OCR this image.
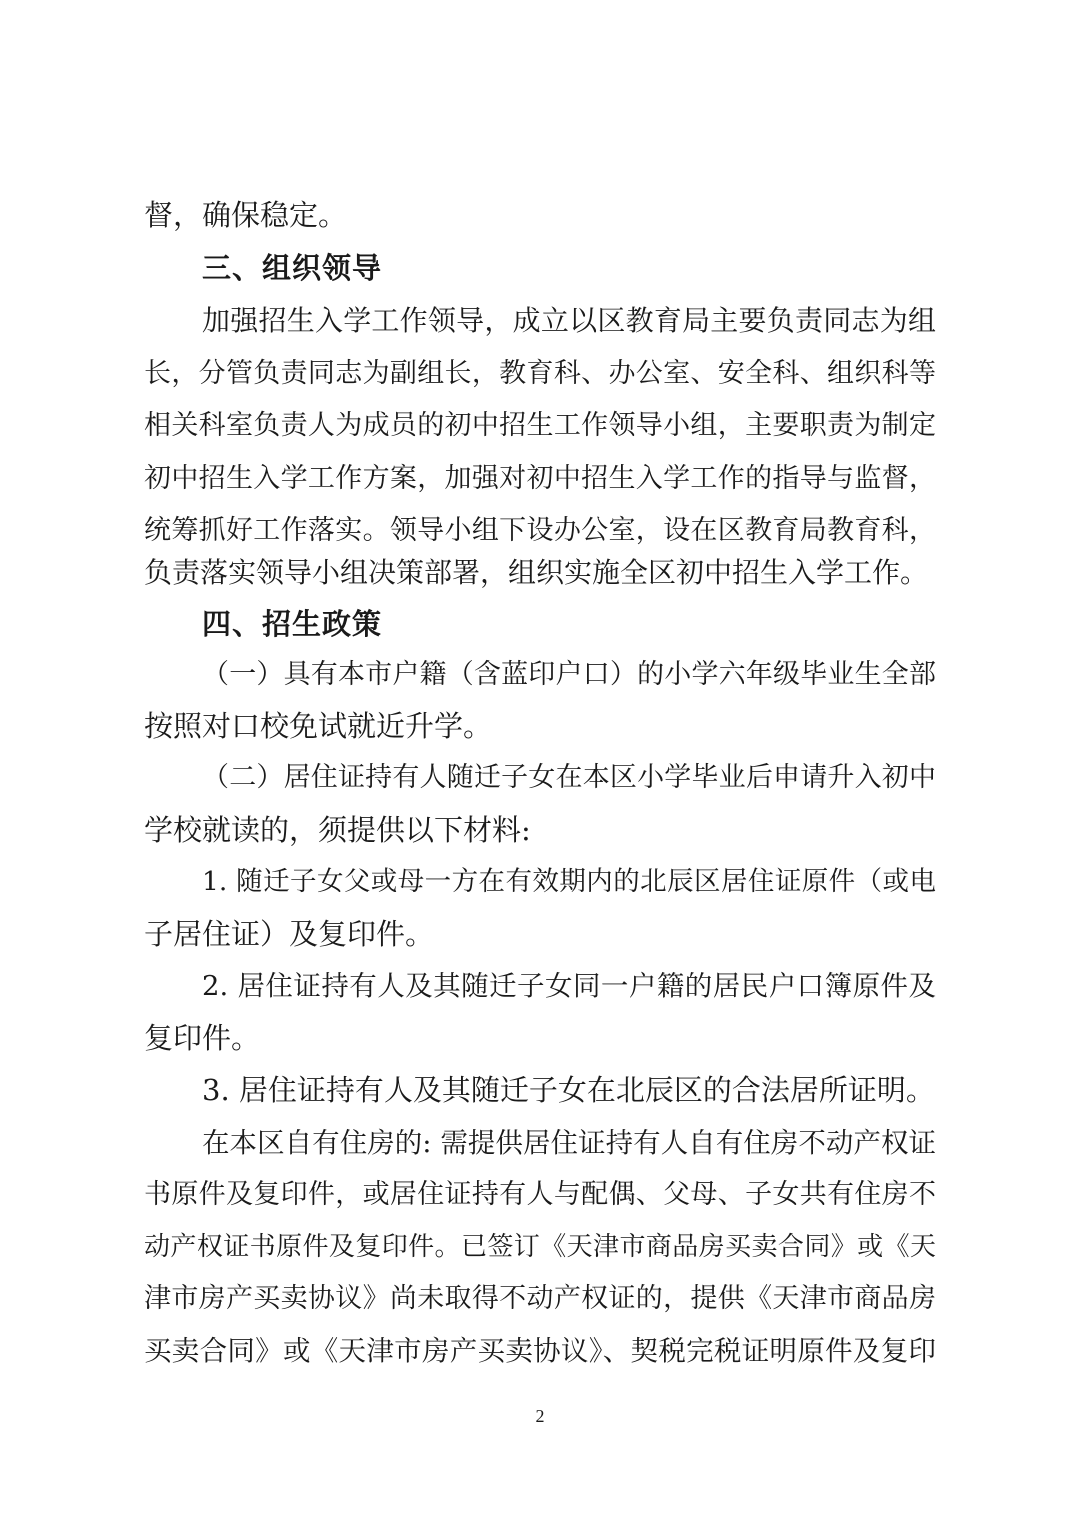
督，确保稳定。
三、组织领导
加强招生入学工作领导，成立以区教育局主要负责同志为组
长，分管负责同志为副组长，教育科、办公室、安全科、组织科等
相关科室负责人为成员的初中招生工作领导小组，主要职责为制定
初中招生入学工作方案，加强对初中招生入学工作的指导与监督，
统筹抓好工作落实。领导小组下设办公室，设在区教育局教育科，
负责落实领导小组决策部署，组织实施全区初中招生入学工作。
四、招生政策
（一）具有本市户籍（含蓝印户口）的小学六年级毕业生全部
按照对口校免试就近升学。
（二）居住证持有人随迁子女在本区小学毕业后申请升入初中
学校就读的，须提供以下材料:
1. 随迁子女父或母一方在有效期内的北辰区居住证原件（或电
子居住证）及复印件。
2. 居住证持有人及其随迁子女同一户籍的居民户口簿原件及
复印件。
3. 居住证持有人及其随迁子女在北辰区的合法居所证明。
在本区自有住房的: 需提供居住证持有人自有住房不动产权证
书原件及复印件，或居住证持有人与配偶、父母、子女共有住房不
动产权证书原件及复印件。已签订《天津市商品房买卖合同》或《天
津市房产买卖协议》尚未取得不动产权证的，提供《天津市商品房
买卖合同》或《天津市房产买卖协议》、契税完税证明原件及复印
2
